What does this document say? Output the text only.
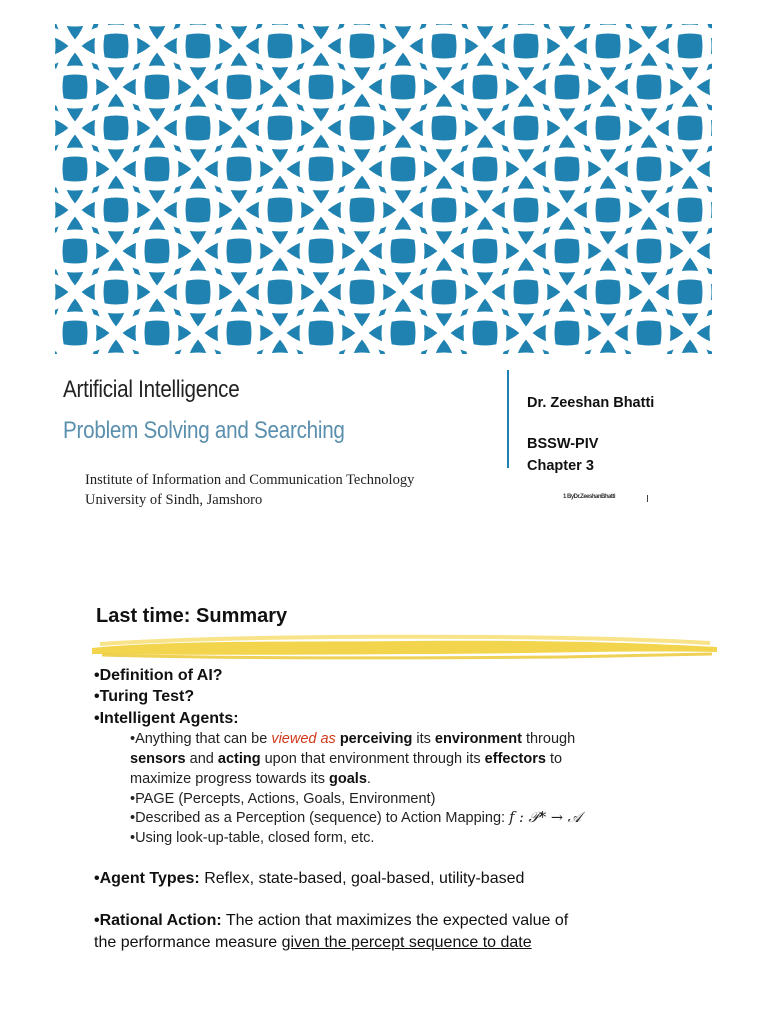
Artificial Intelligence
Problem Solving and Searching
Institute of Information and Communication Technology
University of Sindh, Jamshoro
Dr. Zeeshan Bhatti
BSSW-PIV
Chapter 3
1 ByDr.ZeeshanBhatti
Last time: Summary
•Definition of AI?
•Turing Test?
•Intelligent Agents:
•Anything that can be viewed as perceiving its environment through
sensors and acting upon that environment through its effectors to
maximize progress towards its goals.
•PAGE (Percepts, Actions, Goals, Environment)
•Described as a Perception (sequence) to Action Mapping: f : 𝒫* → 𝒜
•Using look-up-table, closed form, etc.
•Agent Types: Reflex, state-based, goal-based, utility-based
•Rational Action: The action that maximizes the expected value of
the performance measure given the percept sequence to date
